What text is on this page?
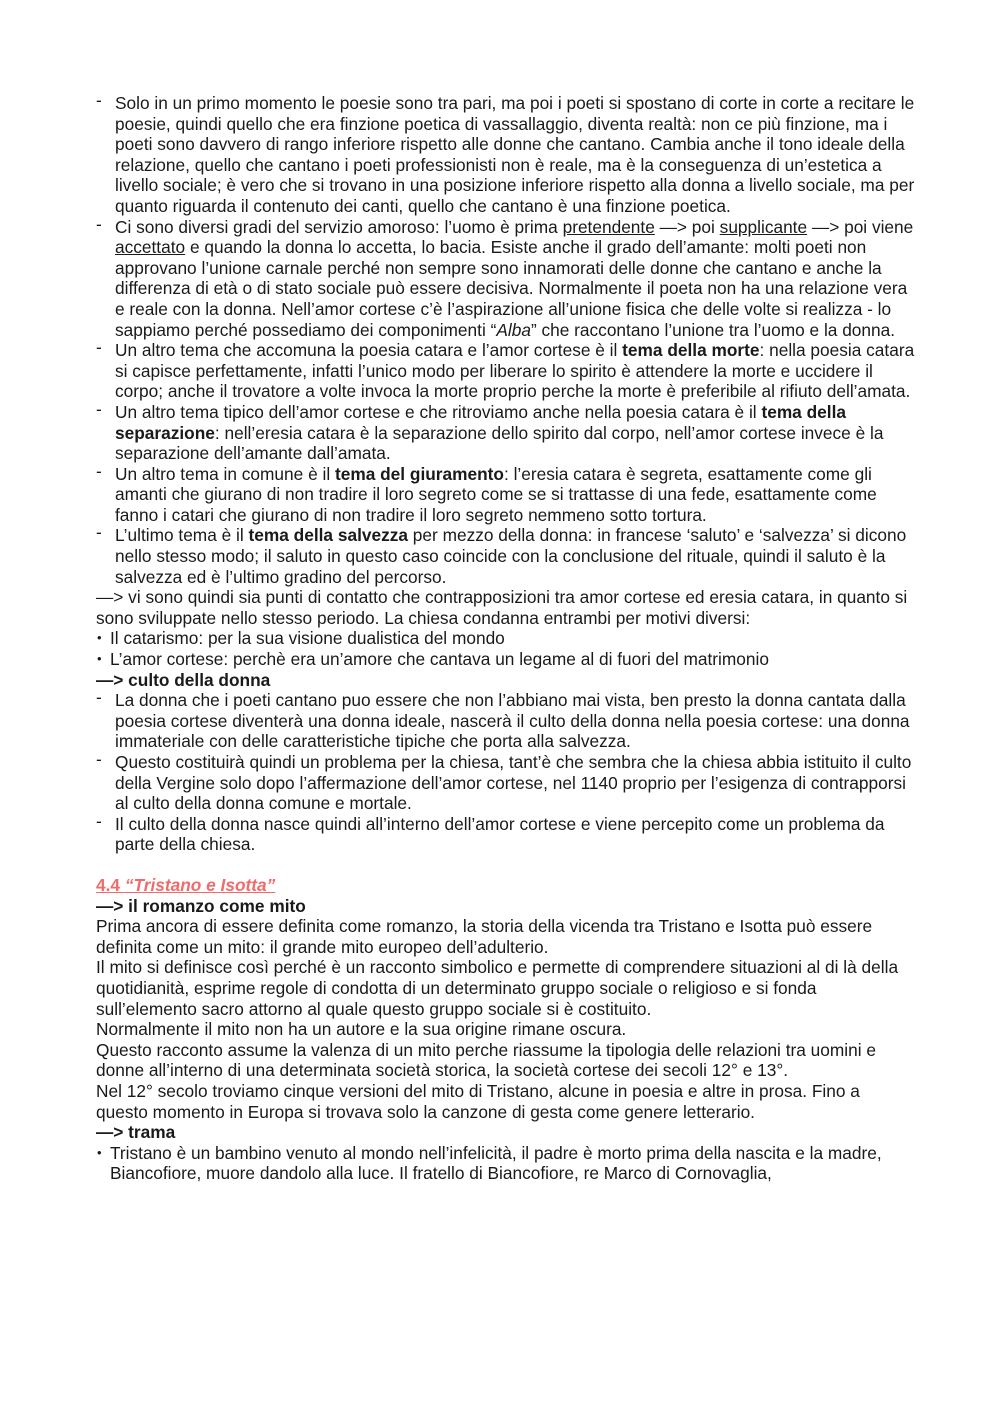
- Solo in un primo momento le poesie sono tra pari, ma poi i poeti si spostano di corte in corte a recitare le poesie, quindi quello che era finzione poetica di vassallaggio, diventa realtà: non ce più finzione, ma i poeti sono davvero di rango inferiore rispetto alle donne che cantano. Cambia anche il tono ideale della relazione, quello che cantano i poeti professionisti non è reale, ma è la conseguenza di un’estetica a livello sociale; è vero che si trovano in una posizione inferiore rispetto alla donna a livello sociale, ma per quanto riguarda il contenuto dei canti, quello che cantano è una finzione poetica.

- Ci sono diversi gradi del servizio amoroso: l’uomo è prima pretendente —> poi supplicante —> poi viene accettato e quando la donna lo accetta, lo bacia. Esiste anche il grado dell’amante: molti poeti non approvano l’unione carnale perché non sempre sono innamorati delle donne che cantano e anche la differenza di età o di stato sociale può essere decisiva. Normalmente il poeta non ha una relazione vera e reale con la donna. Nell’amor cortese c’è l’aspirazione all’unione fisica che delle volte si realizza - lo sappiamo perché possediamo dei componimenti “Alba” che raccontano l’unione tra l’uomo e la donna.

- Un altro tema che accomuna la poesia catara e l’amor cortese è il tema della morte: nella poesia catara si capisce perfettamente, infatti l’unico modo per liberare lo spirito è attendere la morte e uccidere il corpo; anche il trovatore a volte invoca la morte proprio perche la morte è preferibile al rifiuto dell’amata.

- Un altro tema tipico dell’amor cortese e che ritroviamo anche nella poesia catara è il tema della separazione: nell’eresia catara è la separazione dello spirito dal corpo, nell’amor cortese invece è la separazione dell’amante dall’amata.

- Un altro tema in comune è il tema del giuramento: l’eresia catara è segreta, esattamente come gli amanti che giurano di non tradire il loro segreto come se si trattasse di una fede, esattamente come fanno i catari che giurano di non tradire il loro segreto nemmeno sotto tortura.

- L’ultimo tema è il tema della salvezza per mezzo della donna: in francese ‘saluto’ e ‘salvezza’ si dicono nello stesso modo; il saluto in questo caso coincide con la conclusione del rituale, quindi il saluto è la salvezza ed è l’ultimo gradino del percorso.

—> vi sono quindi sia punti di contatto che contrapposizioni tra amor cortese ed eresia catara, in quanto si sono sviluppate nello stesso periodo. La chiesa condanna entrambi per motivi diversi:

• Il catarismo: per la sua visione dualistica del mondo

• L’amor cortese: perchè era un’amore che cantava un legame al di fuori del matrimonio

—> culto della donna

- La donna che i poeti cantano puo essere che non l’abbiano mai vista, ben presto la donna cantata dalla poesia cortese diventerà una donna ideale, nascerà il culto della donna nella poesia cortese: una donna immateriale con delle caratteristiche tipiche che porta alla salvezza.

- Questo costituirà quindi un problema per la chiesa, tant’è che sembra che la chiesa abbia istituito il culto della Vergine solo dopo l’affermazione dell’amor cortese, nel 1140 proprio per l’esigenza di contrapporsi al culto della donna comune e mortale.

- Il culto della donna nasce quindi all’interno dell’amor cortese e viene percepito come un problema da parte della chiesa.

4.4 “Tristano e Isotta”

—> il romanzo come mito

Prima ancora di essere definita come romanzo, la storia della vicenda tra Tristano e Isotta può essere definita come un mito: il grande mito europeo dell’adulterio.

Il mito si definisce così perché è un racconto simbolico e permette di comprendere situazioni al di là della quotidianità, esprime regole di condotta di un determinato gruppo sociale o religioso e si fonda sull’elemento sacro attorno al quale questo gruppo sociale si è costituito.

Normalmente il mito non ha un autore e la sua origine rimane oscura.

Questo racconto assume la valenza di un mito perche riassume la tipologia delle relazioni tra uomini e donne all’interno di una determinata società storica, la società cortese dei secoli 12° e 13°.

Nel 12° secolo troviamo cinque versioni del mito di Tristano, alcune in poesia e altre in prosa. Fino a questo momento in Europa si trovava solo la canzone di gesta come genere letterario.

—> trama

• Tristano è un bambino venuto al mondo nell’infelicità, il padre è morto prima della nascita e la madre, Biancofiore, muore dandolo alla luce. Il fratello di Biancofiore, re Marco di Cornovaglia,
